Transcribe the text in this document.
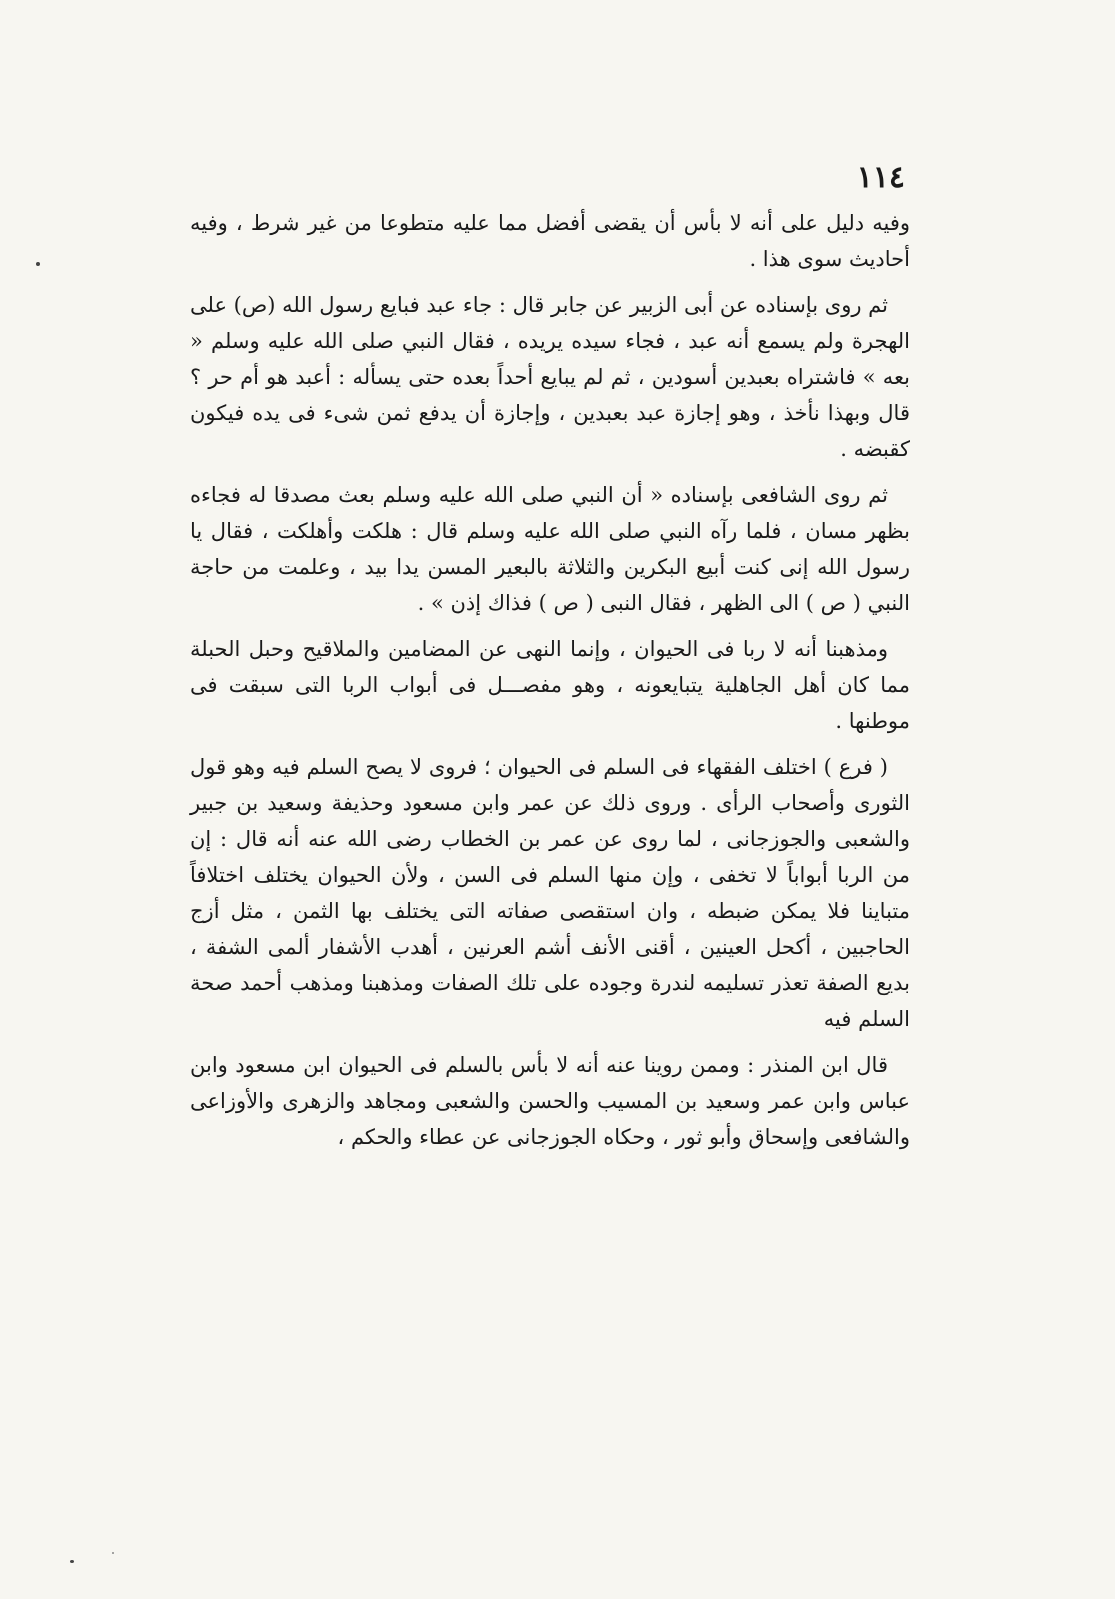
١١٤

وفيه دليل على أنه لا بأس أن يقضى أفضل مما عليه متطوعا من غير شرط ، وفيه أحاديث سوى هذا .

ثم روى بإسناده عن أبى الزبير عن جابر قال : جاء عبد فبايع رسول الله (ص) على الهجرة ولم يسمع أنه عبد ، فجاء سيده يريده ، فقال النبي صلى الله عليه وسلم « بعه » فاشتراه بعبدين أسودين ، ثم لم يبايع أحداً بعده حتى يسأله : أعبد هو أم حر ؟ قال وبهذا نأخذ ، وهو إجازة عبد بعبدين ، وإجازة أن يدفع ثمن شىء فى يده فيكون كقبضه .

ثم روى الشافعى بإسناده « أن النبي صلى الله عليه وسلم بعث مصدقا له فجاءه بظهر مسان ، فلما رآه النبي صلى الله عليه وسلم قال : هلكت وأهلكت ، فقال يا رسول الله إنى كنت أبيع البكرين والثلاثة بالبعير المسن يدا بيد ، وعلمت من حاجة النبي ( ص ) الى الظهر ، فقال النبى ( ص ) فذاك إذن » .

ومذهبنا أنه لا ربا فى الحيوان ، وإنما النهى عن المضامين والملاقيح وحبل الحبلة مما كان أهل الجاهلية يتبايعونه ، وهو مفصـــل فى أبواب الربا التى سبقت فى موطنها .

( فرع ) اختلف الفقهاء فى السلم فى الحيوان ؛ فروى لا يصح السلم فيه وهو قول الثورى وأصحاب الرأى . وروى ذلك عن عمر وابن مسعود وحذيفة وسعيد بن جبير والشعبى والجوزجانى ، لما روى عن عمر بن الخطاب رضى الله عنه أنه قال : إن من الربا أبواباً لا تخفى ، وإن منها السلم فى السن ، ولأن الحيوان يختلف اختلافاً متباينا فلا يمكن ضبطه ، وان استقصى صفاته التى يختلف بها الثمن ، مثل أزج الحاجبين ، أكحل العينين ، أقنى الأنف أشم العرنين ، أهدب الأشفار ألمى الشفة ، بديع الصفة تعذر تسليمه لندرة وجوده على تلك الصفات ومذهبنا ومذهب أحمد صحة السلم فيه

قال ابن المنذر : وممن روينا عنه أنه لا بأس بالسلم فى الحيوان ابن مسعود وابن عباس وابن عمر وسعيد بن المسيب والحسن والشعبى ومجاهد والزهرى والأوزاعى والشافعى وإسحاق وأبو ثور ، وحكاه الجوزجانى عن عطاء والحكم ،
